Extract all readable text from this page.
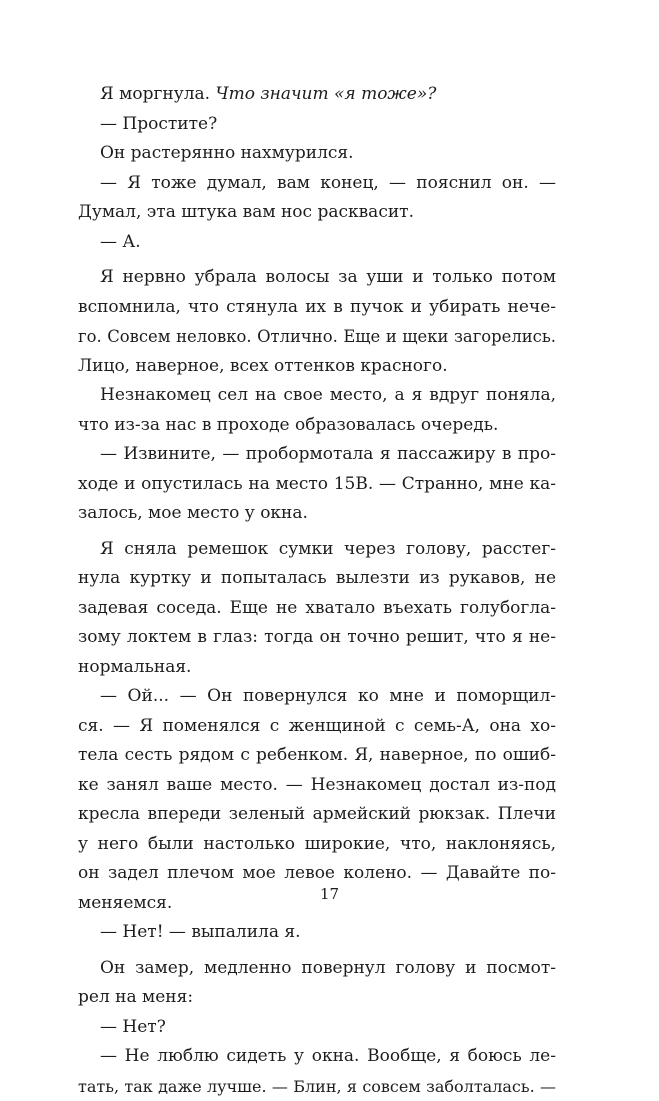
Я моргнула. Что значит «я тоже»?
— Простите?
Он растерянно нахмурился.
— Я тоже думал, вам конец, — пояснил он. —
Думал, эта штука вам нос расквасит.
— А.
Я нервно убрала волосы за уши и только потом
вспомнила, что стянула их в пучок и убирать нече-
го. Совсем неловко. Отлично. Еще и щеки загорелись.
Лицо, наверное, всех оттенков красного.
Незнакомец сел на свое место, а я вдруг поняла,
что из-за нас в проходе образовалась очередь.
— Извините, — пробормотала я пассажиру в про-
ходе и опустилась на место 15В. — Странно, мне ка-
залось, мое место у окна.
Я сняла ремешок сумки через голову, расстег-
нула куртку и попыталась вылезти из рукавов, не
задевая соседа. Еще не хватало въехать голубогла-
зому локтем в глаз: тогда он точно решит, что я не-
нормальная.
— Ой... — Он повернулся ко мне и поморщил-
ся. — Я поменялся с женщиной с семь-А, она хо-
тела сесть рядом с ребенком. Я, наверное, по ошиб-
ке занял ваше место. — Незнакомец достал из-под
кресла впереди зеленый армейский рюкзак. Плечи
у него были настолько широкие, что, наклоняясь,
он задел плечом мое левое колено. — Давайте по-
меняемся.
— Нет! — выпалила я.
Он замер, медленно повернул голову и посмот-
рел на меня:
— Нет?
— Не люблю сидеть у окна. Вообще, я боюсь ле-
тать, так даже лучше. — Блин, я совсем заболталась. —
17
